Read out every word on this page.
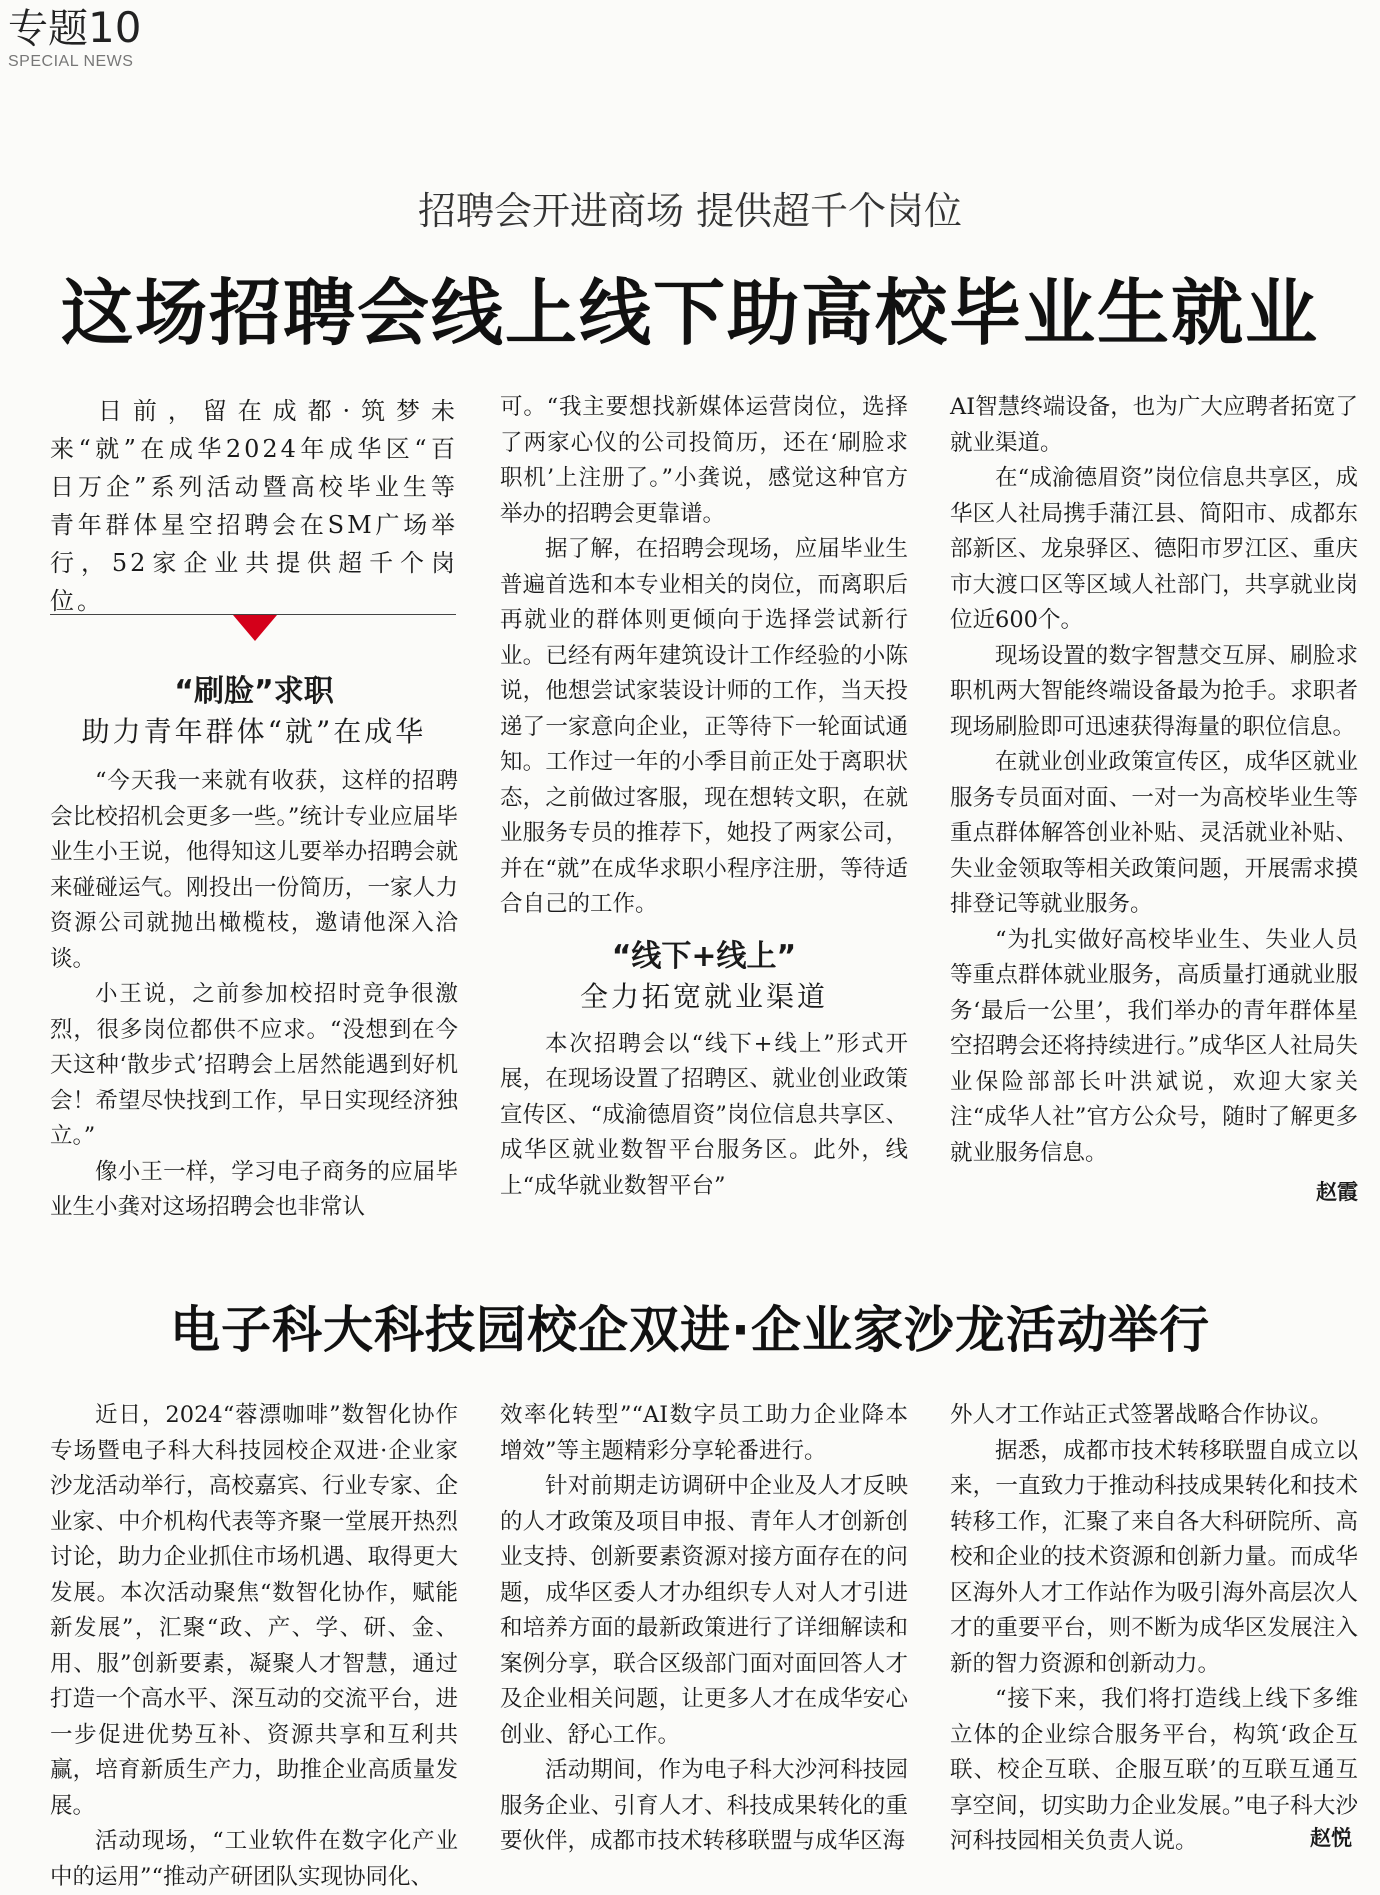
专题10
SPECIAL NEWS
招聘会开进商场 提供超千个岗位
这场招聘会线上线下助高校毕业生就业
日前，留在成都·筑梦未来“就”在成华2024年成华区“百日万企”系列活动暨高校毕业生等青年群体星空招聘会在SM广场举行，52家企业共提供超千个岗位。
“刷脸”求职
助力青年群体“就”在成华

“今天我一来就有收获，这样的招聘会比校招机会更多一些。”统计专业应届毕业生小王说，他得知这儿要举办招聘会就来碰碰运气。刚投出一份简历，一家人力资源公司就抛出橄榄枝，邀请他深入洽谈。

小王说，之前参加校招时竞争很激烈，很多岗位都供不应求。“没想到在今天这种‘散步式’招聘会上居然能遇到好机会！希望尽快找到工作，早日实现经济独立。”

像小王一样，学习电子商务的应届毕业生小龚对这场招聘会也非常认

可。“我主要想找新媒体运营岗位，选择了两家心仪的公司投简历，还在‘刷脸求职机’上注册了。”小龚说，感觉这种官方举办的招聘会更靠谱。

据了解，在招聘会现场，应届毕业生普遍首选和本专业相关的岗位，而离职后再就业的群体则更倾向于选择尝试新行业。已经有两年建筑设计工作经验的小陈说，他想尝试家装设计师的工作，当天投递了一家意向企业，正等待下一轮面试通知。工作过一年的小季目前正处于离职状态，之前做过客服，现在想转文职，在就业服务专员的推荐下，她投了两家公司，并在“就”在成华求职小程序注册，等待适合自己的工作。

“线下+线上”
全力拓宽就业渠道

本次招聘会以“线下+线上”形式开展，在现场设置了招聘区、就业创业政策宣传区、“成渝德眉资”岗位信息共享区、成华区就业数智平台服务区。此外，线上“成华就业数智平台”

AI智慧终端设备，也为广大应聘者拓宽了就业渠道。

在“成渝德眉资”岗位信息共享区，成华区人社局携手蒲江县、简阳市、成都东部新区、龙泉驿区、德阳市罗江区、重庆市大渡口区等区域人社部门，共享就业岗位近600个。

现场设置的数字智慧交互屏、刷脸求职机两大智能终端设备最为抢手。求职者现场刷脸即可迅速获得海量的职位信息。

在就业创业政策宣传区，成华区就业服务专员面对面、一对一为高校毕业生等重点群体解答创业补贴、灵活就业补贴、失业金领取等相关政策问题，开展需求摸排登记等就业服务。

“为扎实做好高校毕业生、失业人员等重点群体就业服务，高质量打通就业服务‘最后一公里’，我们举办的青年群体星空招聘会还将持续进行。”成华区人社局失业保险部部长叶洪斌说，欢迎大家关注“成华人社”官方公众号，随时了解更多就业服务信息。

赵霞
电子科大科技园校企双进·企业家沙龙活动举行

近日，2024“蓉漂咖啡”数智化协作专场暨电子科大科技园校企双进·企业家沙龙活动举行，高校嘉宾、行业专家、企业家、中介机构代表等齐聚一堂展开热烈讨论，助力企业抓住市场机遇、取得更大发展。本次活动聚焦“数智化协作，赋能新发展”，汇聚“政、产、学、研、金、用、服”创新要素，凝聚人才智慧，通过打造一个高水平、深互动的交流平台，进一步促进优势互补、资源共享和互利共赢，培育新质生产力，助推企业高质量发展。

活动现场，“工业软件在数字化产业中的运用”“推动产研团队实现协同化、

效率化转型”“AI数字员工助力企业降本增效”等主题精彩分享轮番进行。

针对前期走访调研中企业及人才反映的人才政策及项目申报、青年人才创新创业支持、创新要素资源对接方面存在的问题，成华区委人才办组织专人对人才引进和培养方面的最新政策进行了详细解读和案例分享，联合区级部门面对面回答人才及企业相关问题，让更多人才在成华安心创业、舒心工作。

活动期间，作为电子科大沙河科技园服务企业、引育人才、科技成果转化的重要伙伴，成都市技术转移联盟与成华区海

外人才工作站正式签署战略合作协议。

据悉，成都市技术转移联盟自成立以来，一直致力于推动科技成果转化和技术转移工作，汇聚了来自各大科研院所、高校和企业的技术资源和创新力量。而成华区海外人才工作站作为吸引海外高层次人才的重要平台，则不断为成华区发展注入新的智力资源和创新动力。

“接下来，我们将打造线上线下多维立体的企业综合服务平台，构筑‘政企互联、校企互联、企服互联’的互联互通互享空间，切实助力企业发展。”电子科大沙河科技园相关负责人说。	赵悦
